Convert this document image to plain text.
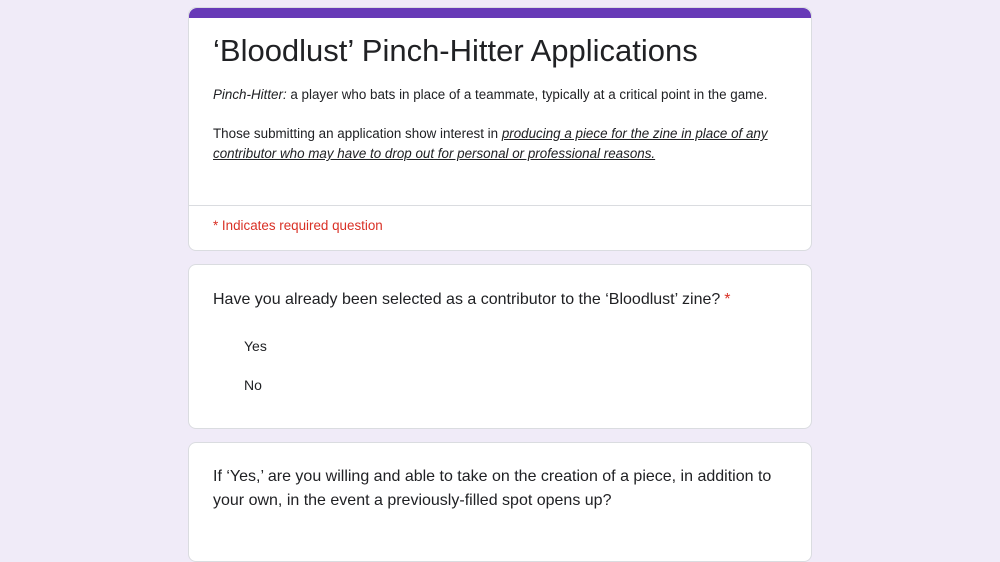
‘Bloodlust’ Pinch-Hitter Applications

Pinch-Hitter: a player who bats in place of a teammate, typically at a critical point in the game.

Those submitting an application show interest in producing a piece for the zine in place of any contributor who may have to drop out for personal or professional reasons.

* Indicates required question
Have you already been selected as a contributor to the ‘Bloodlust’ zine? *
Yes
No
If ‘Yes,’ are you willing and able to take on the creation of a piece, in addition to your own, in the event a previously-filled spot opens up?
